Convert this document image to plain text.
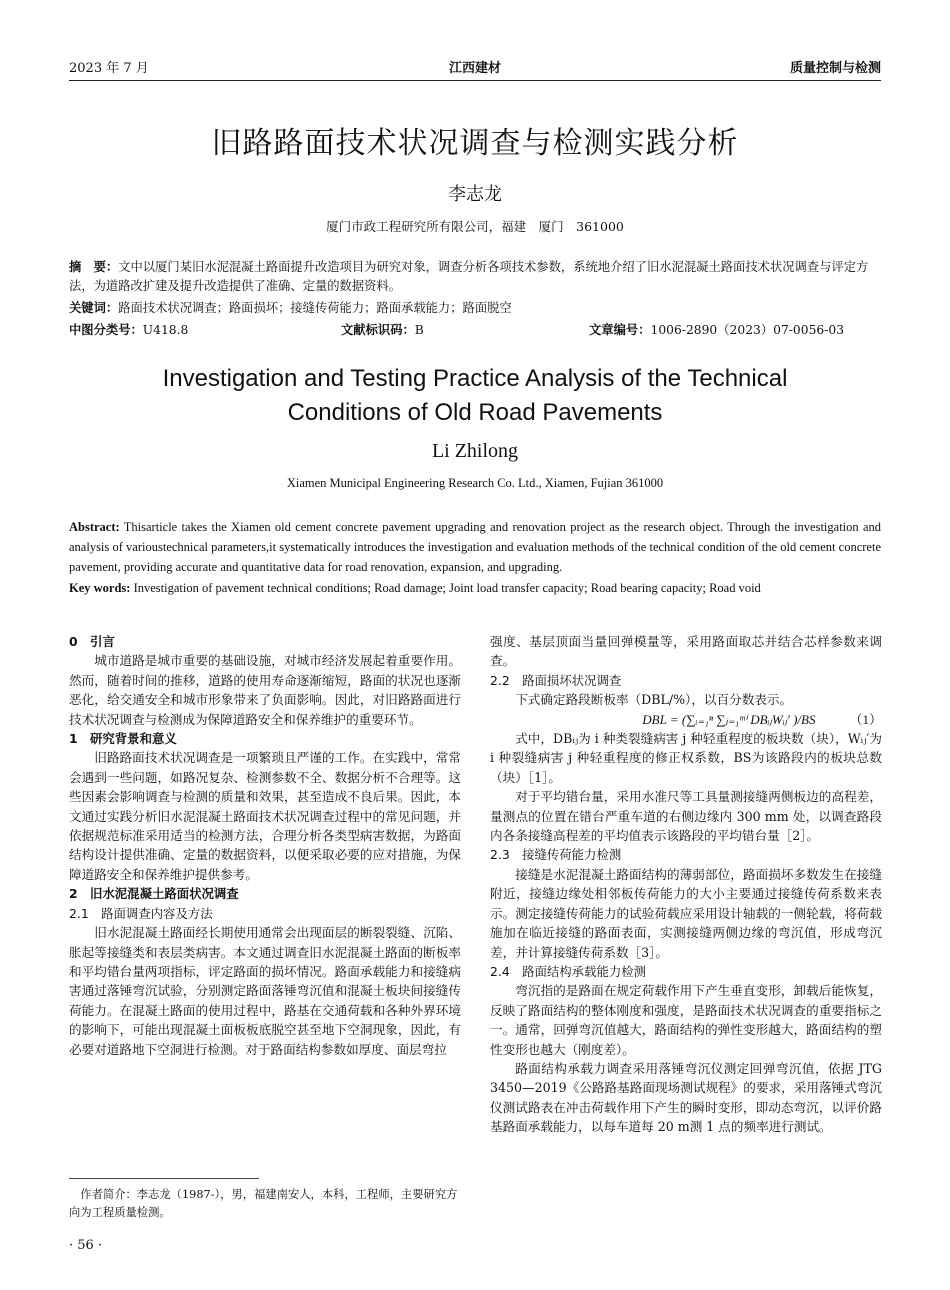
2023 年 7 月	江西建材	质量控制与检测
旧路路面技术状况调查与检测实践分析
李志龙
厦门市政工程研究所有限公司，福建　厦门　361000
摘　要：文中以厦门某旧水泥混凝土路面提升改造项目为研究对象，调查分析各项技术参数，系统地介绍了旧水泥混凝土路面技术状况调查与评定方法，为道路改扩建及提升改造提供了准确、定量的数据资料。
关键词：路面技术状况调查；路面损坏；接缝传荷能力；路面承载能力；路面脱空
中图分类号：U418.8	文献标识码：B	文章编号：1006-2890（2023）07-0056-03
Investigation and Testing Practice Analysis of the Technical
Conditions of Old Road Pavements
Li Zhilong
Xiamen Municipal Engineering Research Co. Ltd., Xiamen, Fujian 361000
Abstract: Thisarticle takes the Xiamen old cement concrete pavement upgrading and renovation project as the research object. Through the investigation and analysis of varioustechnical parameters,it systematically introduces the investigation and evaluation methods of the technical condition of the old cement concrete pavement, providing accurate and quantitative data for road renovation, expansion, and upgrading.
Key words: Investigation of pavement technical conditions; Road damage; Joint load transfer capacity; Road bearing capacity; Road void
0　引言

城市道路是城市重要的基础设施，对城市经济发展起着重要作用。然而，随着时间的推移，道路的使用寿命逐渐缩短，路面的状况也逐渐恶化，给交通安全和城市形象带来了负面影响。因此，对旧路路面进行技术状况调查与检测成为保障道路安全和保养维护的重要环节。

1　研究背景和意义

旧路路面技术状况调查是一项繁琐且严谨的工作。在实践中，常常会遇到一些问题，如路况复杂、检测参数不全、数据分析不合理等。这些因素会影响调查与检测的质量和效果，甚至造成不良后果。因此，本文通过实践分析旧水泥混凝土路面技术状况调查过程中的常见问题，并依据规范标准采用适当的检测方法，合理分析各类型病害数据，为路面结构设计提供准确、定量的数据资料，以便采取必要的应对措施，为保障道路安全和保养维护提供参考。

2　旧水泥混凝土路面状况调查
2.1　路面调查内容及方法

旧水泥混凝土路面经长期使用通常会出现面层的断裂裂缝、沉陷、胀起等接缝类和表层类病害。本文通过调查旧水泥混凝土路面的断板率和平均错台量两项指标，评定路面的损坏情况。路面承载能力和接缝病害通过落锤弯沉试验，分别测定路面落锤弯沉值和混凝土板块间接缝传荷能力。在混凝土路面的使用过程中，路基在交通荷载和各种外界环境的影响下，可能出现混凝土面板板底脱空甚至地下空洞现象，因此，有必要对道路地下空洞进行检测。对于路面结构参数如厚度、面层弯拉

强度、基层顶面当量回弹模量等，采用路面取芯并结合芯样参数来调查。

2.2　路面损坏状况调查

下式确定路段断板率（DBL/%），以百分数表示。

DBL = (∑ᵢ₌₁ⁿ ∑ⱼ₌₁ᵐⁱ DBᵢⱼWᵢⱼ′ )/BS	（1）

式中，DBᵢⱼ为 i 种类裂缝病害 j 种轻重程度的板块数（块），Wᵢⱼ′为 i 种裂缝病害 j 种轻重程度的修正权系数，BS为该路段内的板块总数（块）［1］。

对于平均错台量，采用水准尺等工具量测接缝两侧板边的高程差，量测点的位置在错台严重车道的右侧边缘内 300 mm 处，以调查路段内各条接缝高程差的平均值表示该路段的平均错台量［2］。

2.3　接缝传荷能力检测

接缝是水泥混凝土路面结构的薄弱部位，路面损坏多数发生在接缝附近，接缝边缘处相邻板传荷能力的大小主要通过接缝传荷系数来表示。测定接缝传荷能力的试验荷载应采用设计轴载的一侧轮载，将荷载施加在临近接缝的路面表面，实测接缝两侧边缘的弯沉值，形成弯沉差，并计算接缝传荷系数［3］。

2.4　路面结构承载能力检测

弯沉指的是路面在规定荷载作用下产生垂直变形，卸载后能恢复，反映了路面结构的整体刚度和强度，是路面技术状况调查的重要指标之一。通常，回弹弯沉值越大，路面结构的弹性变形越大，路面结构的塑性变形也越大（刚度差）。

路面结构承载力调查采用落锤弯沉仪测定回弹弯沉值，依据 JTG 3450—2019《公路路基路面现场测试规程》的要求，采用落锤式弯沉仪测试路表在冲击荷载作用下产生的瞬时变形，即动态弯沉，以评价路基路面承载能力，以每车道每 20 m测 1 点的频率进行测试。

作者简介：李志龙（1987-），男，福建南安人，本科，工程师，主要研究方向为工程质量检测。
· 56 ·
